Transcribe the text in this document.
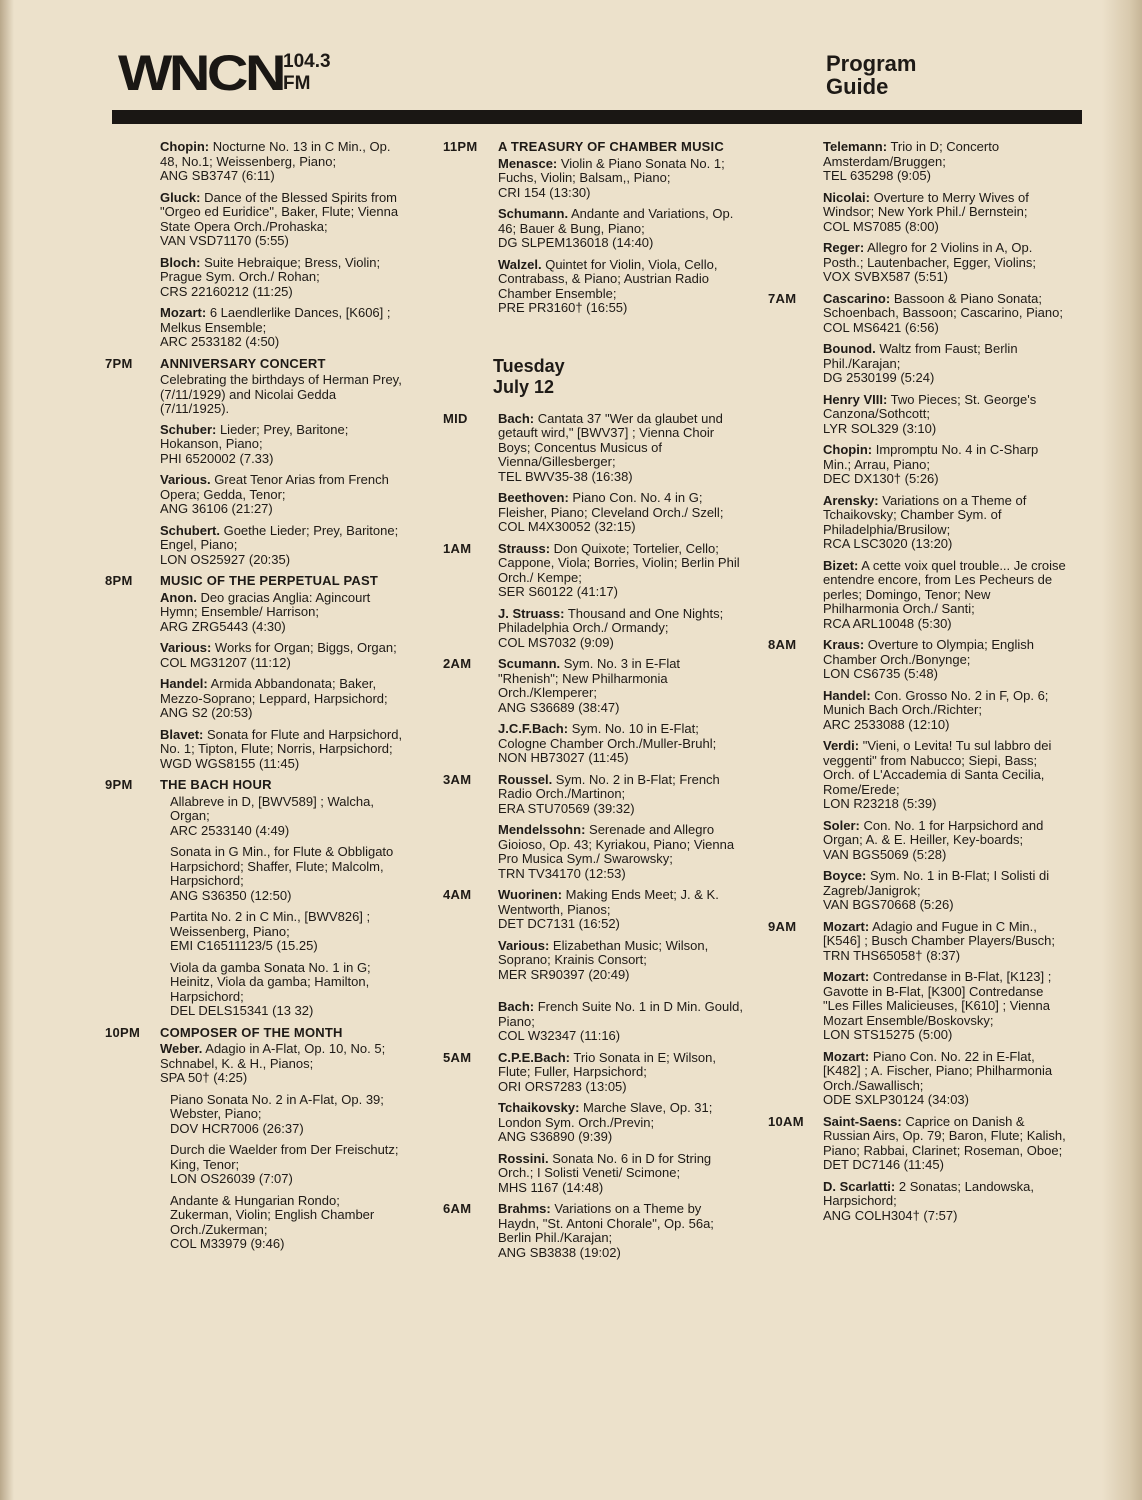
WNCN 104.3
FM
Program
Guide
Chopin: Nocturne No. 13 in C Min., Op. 48, No.1; Weissenberg, Piano;
ANG SB3747 (6:11)
Gluck: Dance of the Blessed Spirits from "Orgeo ed Euridice", Baker, Flute; Vienna State Opera Orch./Prohaska;
VAN VSD71170 (5:55)
Bloch: Suite Hebraique; Bress, Violin; Prague Sym. Orch./ Rohan;
CRS 22160212 (11:25)
Mozart: 6 Laendlerlike Dances, [K606] ; Melkus Ensemble;
ARC 2533182 (4:50)
7PM	ANNIVERSARY CONCERT
Celebrating the birthdays of Herman Prey, (7/11/1929) and Nicolai Gedda (7/11/1925).
Schuber: Lieder; Prey, Baritone; Hokanson, Piano;
PHI 6520002 (7.33)
Various. Great Tenor Arias from French Opera; Gedda, Tenor;
ANG 36106 (21:27)
Schubert. Goethe Lieder; Prey, Baritone; Engel, Piano;
LON OS25927 (20:35)
8PM	MUSIC OF THE PERPETUAL PAST
Anon. Deo gracias Anglia: Agincourt Hymn; Ensemble/ Harrison;
ARG ZRG5443 (4:30)
Various: Works for Organ; Biggs, Organ;
COL MG31207 (11:12)
Handel: Armida Abbandonata; Baker, Mezzo-Soprano; Leppard, Harpsichord;
ANG S2 (20:53)
Blavet: Sonata for Flute and Harpsichord, No. 1; Tipton, Flute; Norris, Harpsichord;
WGD WGS8155 (11:45)
9PM	THE BACH HOUR
Allabreve in D, [BWV589] ; Walcha, Organ;
ARC 2533140 (4:49)
Sonata in G Min., for Flute & Obbligato Harpsichord; Shaffer, Flute; Malcolm, Harpsichord;
ANG S36350 (12:50)
Partita No. 2 in C Min., [BWV826] ; Weissenberg, Piano;
EMI C16511123/5 (15.25)
Viola da gamba Sonata No. 1 in G; Heinitz, Viola da gamba; Hamilton, Harpsichord;
DEL DELS15341 (13 32)
10PM	COMPOSER OF THE MONTH
Weber. Adagio in A-Flat, Op. 10, No. 5; Schnabel, K. & H., Pianos;
SPA 50† (4:25)
Piano Sonata No. 2 in A-Flat, Op. 39; Webster, Piano;
DOV HCR7006 (26:37)
Durch die Waelder from Der Freischutz; King, Tenor;
LON OS26039 (7:07)
Andante & Hungarian Rondo; Zukerman, Violin; English Chamber Orch./Zukerman;
COL M33979 (9:46)
11PM	A TREASURY OF CHAMBER MUSIC
Menasce: Violin & Piano Sonata No. 1; Fuchs, Violin; Balsam,, Piano;
CRI 154 (13:30)
Schumann. Andante and Variations, Op. 46; Bauer & Bung, Piano;
DG SLPEM136018 (14:40)
Walzel. Quintet for Violin, Viola, Cello, Contrabass, & Piano; Austrian Radio Chamber Ensemble;
PRE PR3160† (16:55)
Tuesday
July 12
MID	Bach: Cantata 37 "Wer da glaubet und getauft wird," [BWV37] ; Vienna Choir Boys; Concentus Musicus of Vienna/Gillesberger;
TEL BWV35-38 (16:38)
Beethoven: Piano Con. No. 4 in G; Fleisher, Piano; Cleveland Orch./ Szell;
COL M4X30052 (32:15)
1AM	Strauss: Don Quixote; Tortelier, Cello; Cappone, Viola; Borries, Violin; Berlin Phil Orch./ Kempe;
SER S60122 (41:17)
J. Struass: Thousand and One Nights; Philadelphia Orch./ Ormandy;
COL MS7032 (9:09)
2AM	Scumann. Sym. No. 3 in E-Flat "Rhenish"; New Philharmonia Orch./Klemperer;
ANG S36689 (38:47)
J.C.F.Bach: Sym. No. 10 in E-Flat; Cologne Chamber Orch./Muller-Bruhl;
NON HB73027 (11:45)
3AM	Roussel. Sym. No. 2 in B-Flat; French Radio Orch./Martinon;
ERA STU70569 (39:32)
Mendelssohn: Serenade and Allegro Gioioso, Op. 43; Kyriakou, Piano; Vienna Pro Musica Sym./ Swarowsky;
TRN TV34170 (12:53)
4AM	Wuorinen: Making Ends Meet; J. & K. Wentworth, Pianos;
DET DC7131 (16:52)
Various: Elizabethan Music; Wilson, Soprano; Krainis Consort;
MER SR90397 (20:49)
Bach: French Suite No. 1 in D Min. Gould, Piano;
COL W32347 (11:16)
5AM	C.P.E.Bach: Trio Sonata in E; Wilson, Flute; Fuller, Harpsichord;
ORI ORS7283 (13:05)
Tchaikovsky: Marche Slave, Op. 31; London Sym. Orch./Previn;
ANG S36890 (9:39)
Rossini. Sonata No. 6 in D for String Orch.; I Solisti Veneti/ Scimone;
MHS 1167 (14:48)
6AM	Brahms: Variations on a Theme by Haydn, "St. Antoni Chorale", Op. 56a; Berlin Phil./Karajan;
ANG SB3838 (19:02)
Telemann: Trio in D; Concerto Amsterdam/Bruggen;
TEL 635298 (9:05)
Nicolai: Overture to Merry Wives of Windsor; New York Phil./ Bernstein;
COL MS7085 (8:00)
Reger: Allegro for 2 Violins in A, Op. Posth.; Lautenbacher, Egger, Violins;
VOX SVBX587 (5:51)
7AM	Cascarino: Bassoon & Piano Sonata; Schoenbach, Bassoon; Cascarino, Piano;
COL MS6421 (6:56)
Bounod. Waltz from Faust; Berlin Phil./Karajan;
DG 2530199 (5:24)
Henry VIII: Two Pieces; St. George's Canzona/Sothcott;
LYR SOL329 (3:10)
Chopin: Impromptu No. 4 in C-Sharp Min.; Arrau, Piano;
DEC DX130† (5:26)
Arensky: Variations on a Theme of Tchaikovsky; Chamber Sym. of Philadelphia/Brusilow;
RCA LSC3020 (13:20)
Bizet: A cette voix quel trouble... Je croise entendre encore, from Les Pecheurs de perles; Domingo, Tenor; New Philharmonia Orch./ Santi;
RCA ARL10048 (5:30)
8AM	Kraus: Overture to Olympia; English Chamber Orch./Bonynge;
LON CS6735 (5:48)
Handel: Con. Grosso No. 2 in F, Op. 6; Munich Bach Orch./Richter;
ARC 2533088 (12:10)
Verdi: "Vieni, o Levita! Tu sul labbro dei veggenti" from Nabucco; Siepi, Bass; Orch. of L'Accademia di Santa Cecilia, Rome/Erede;
LON R23218 (5:39)
Soler: Con. No. 1 for Harpsichord and Organ; A. & E. Heiller, Key-boards;
VAN BGS5069 (5:28)
Boyce: Sym. No. 1 in B-Flat; I Solisti di Zagreb/Janigrok;
VAN BGS70668 (5:26)
9AM	Mozart: Adagio and Fugue in C Min., [K546] ; Busch Chamber Players/Busch;
TRN THS65058† (8:37)
Mozart: Contredanse in B-Flat, [K123] ; Gavotte in B-Flat, [K300] Contredanse "Les Filles Malicieuses, [K610] ; Vienna Mozart Ensemble/Boskovsky;
LON STS15275 (5:00)
Mozart: Piano Con. No. 22 in E-Flat, [K482] ; A. Fischer, Piano; Philharmonia Orch./Sawallisch;
ODE SXLP30124 (34:03)
10AM	Saint-Saens: Caprice on Danish & Russian Airs, Op. 79; Baron, Flute; Kalish, Piano; Rabbai, Clarinet; Roseman, Oboe;
DET DC7146 (11:45)
D. Scarlatti: 2 Sonatas; Landowska, Harpsichord;
ANG COLH304† (7:57)
